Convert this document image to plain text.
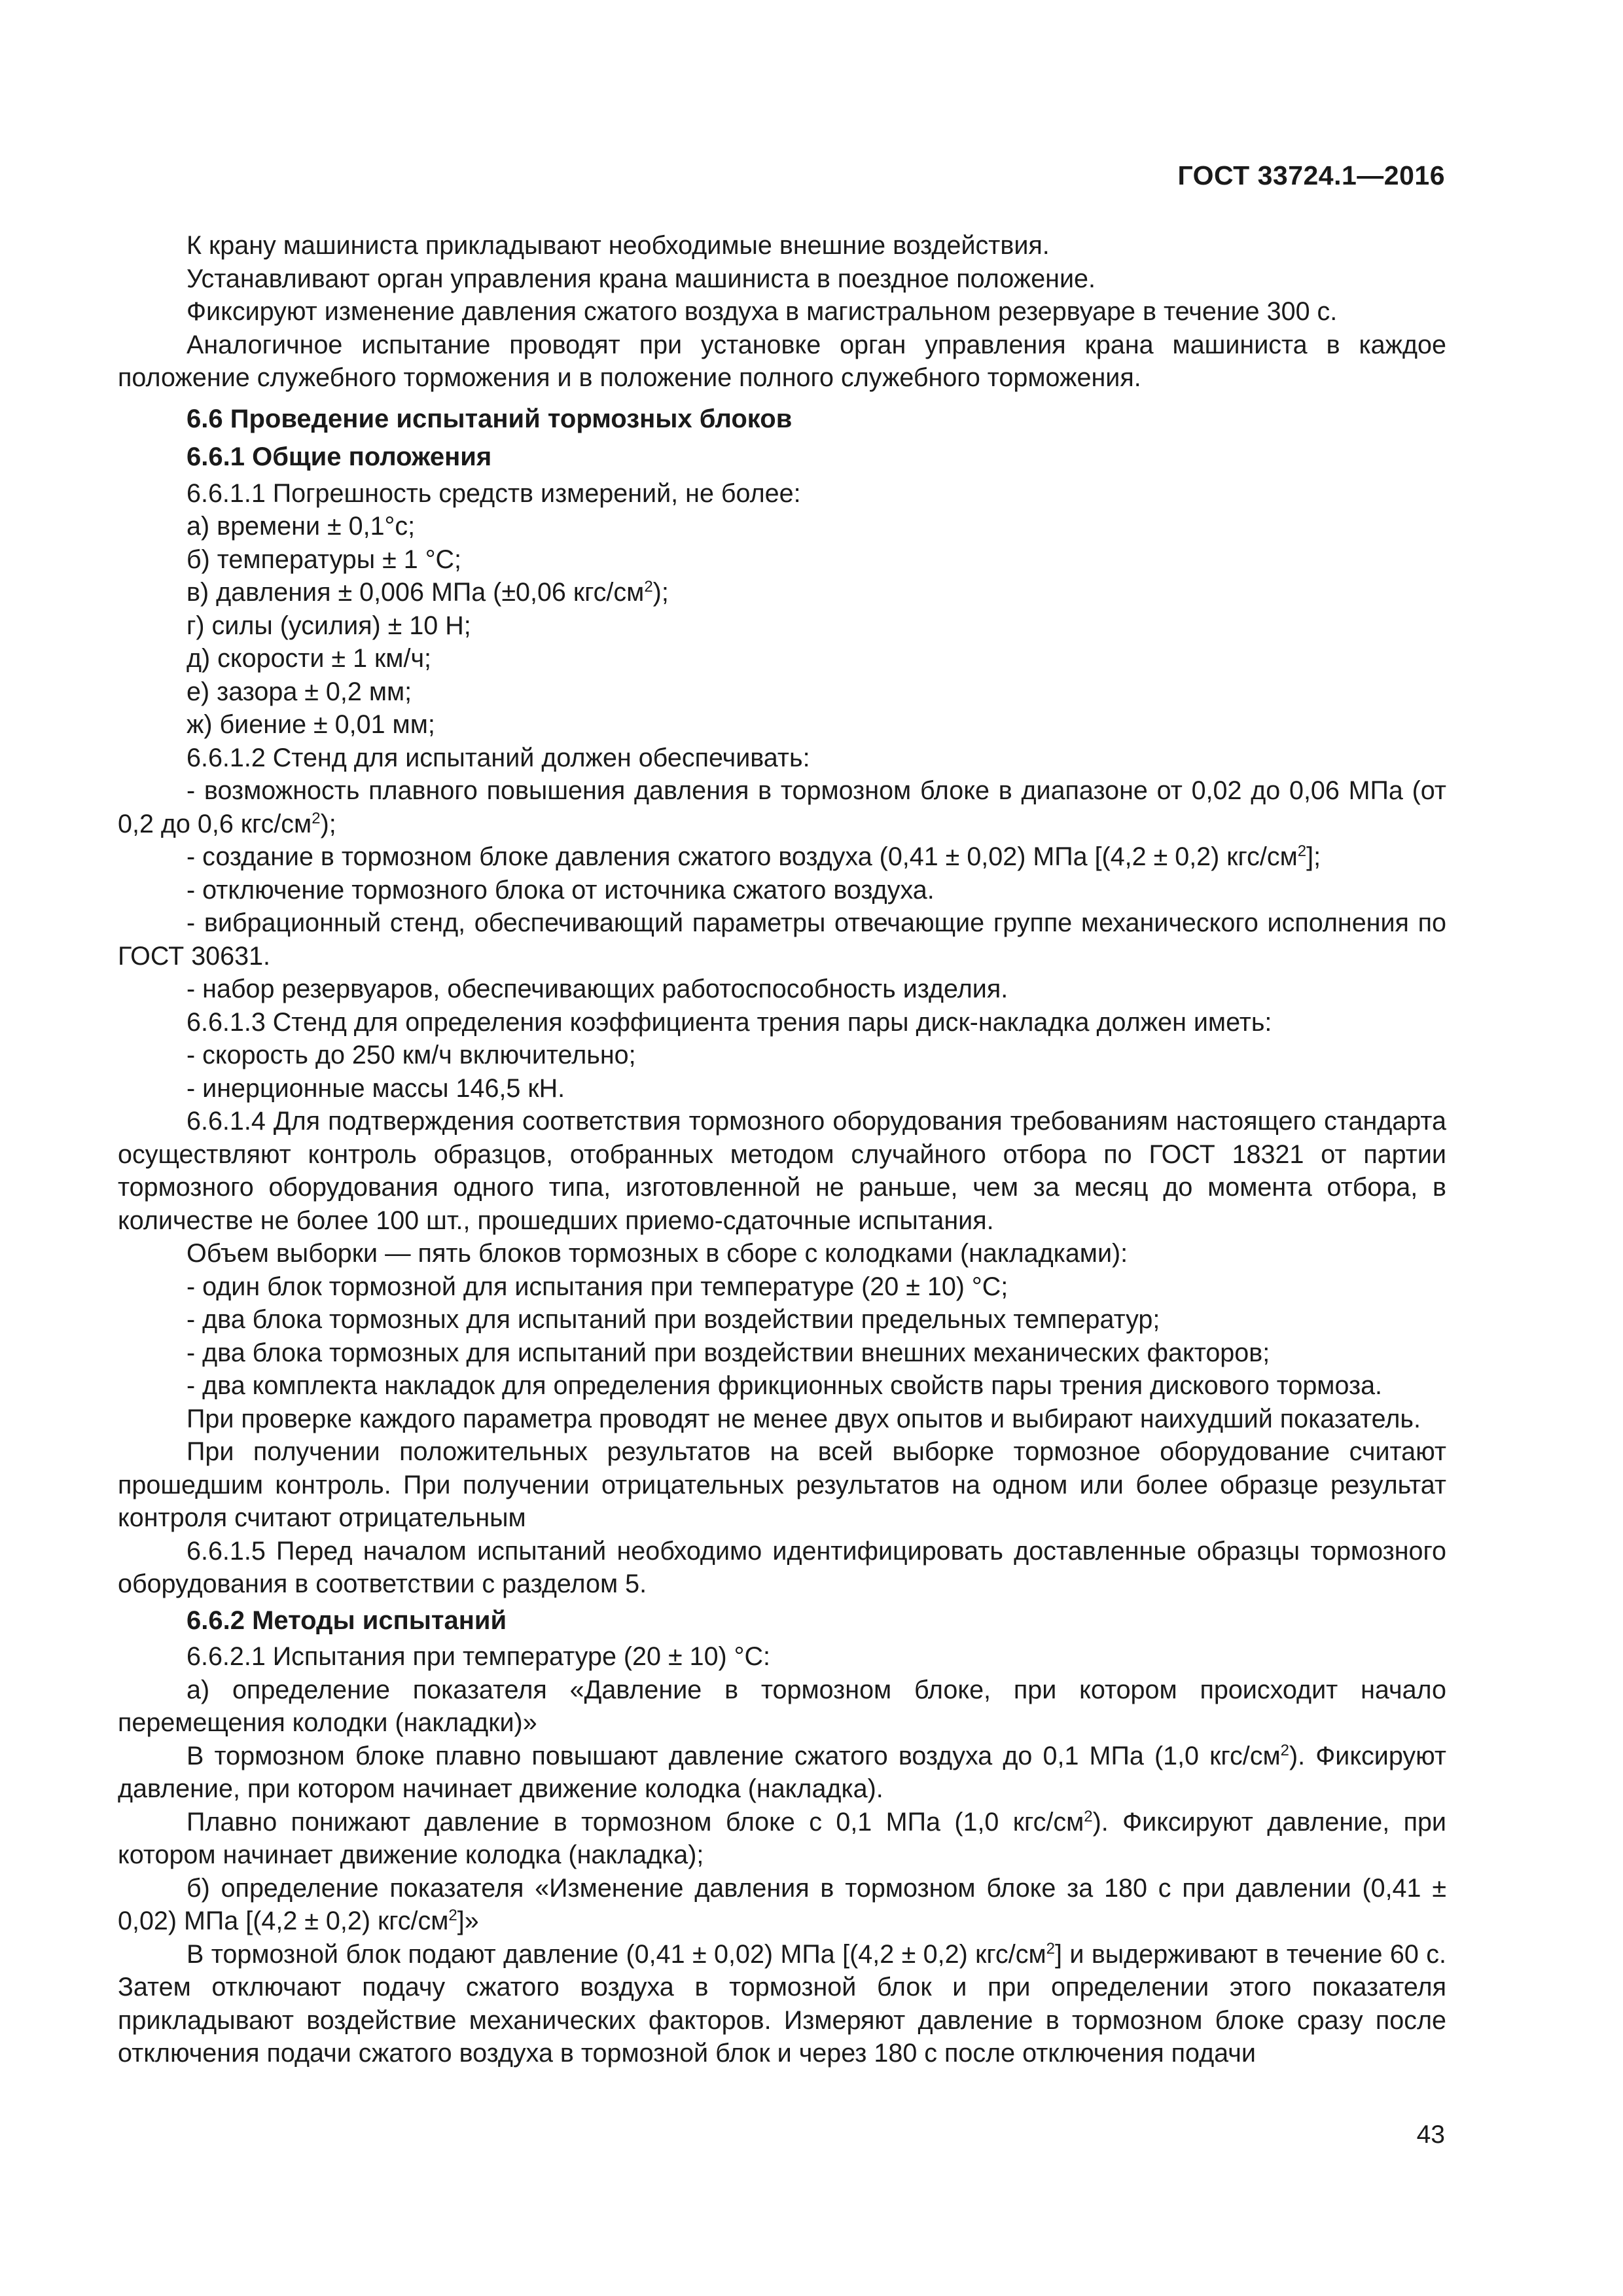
ГОСТ 33724.1—2016

К крану машиниста прикладывают необходимые внешние воздействия.

Устанавливают орган управления крана машиниста в поездное положение.

Фиксируют изменение давления сжатого воздуха в магистральном резервуаре в течение 300 с.

Аналогичное испытание проводят при установке орган управления крана машиниста в каждое положение служебного торможения и в положение полного служебного торможения.

6.6 Проведение испытаний тормозных блоков
6.6.1 Общие положения

6.6.1.1 Погрешность средств измерений, не более:

а) времени ± 0,1°с;

б) температуры ± 1 °С;

в) давления ± 0,006 МПа (±0,06 кгс/$см^2$);

г) силы (усилия) ± 10 Н;

д) скорости ± 1 км/ч;

е) зазора ± 0,2 мм;

ж) биение ± 0,01 мм;

6.6.1.2 Стенд для испытаний должен обеспечивать:

- возможность плавного повышения давления в тормозном блоке в диапазоне от 0,02 до 0,06 МПа (от 0,2 до 0,6 кгс/$см^2$);

- создание в тормозном блоке давления сжатого воздуха (0,41 ± 0,02) МПа [(4,2 ± 0,2) кгс/$см^2$];

- отключение тормозного блока от источника сжатого воздуха.

- вибрационный стенд, обеспечивающий параметры отвечающие группе механического исполнения по ГОСТ 30631.

- набор резервуаров, обеспечивающих работоспособность изделия.

6.6.1.3 Стенд для определения коэффициента трения пары диск-накладка должен иметь:

- скорость до 250 км/ч включительно;

- инерционные массы 146,5 кН.

6.6.1.4 Для подтверждения соответствия тормозного оборудования требованиям настоящего стандарта осуществляют контроль образцов, отобранных методом случайного отбора по ГОСТ 18321 от партии тормозного оборудования одного типа, изготовленной не раньше, чем за месяц до момента отбора, в количестве не более 100 шт., прошедших приемо-сдаточные испытания.

Объем выборки — пять блоков тормозных в сборе с колодками (накладками):

- один блок тормозной для испытания при температуре (20 ± 10) °С;

- два блока тормозных для испытаний при воздействии предельных температур;

- два блока тормозных для испытаний при воздействии внешних механических факторов;

- два комплекта накладок для определения фрикционных свойств пары трения дискового тормоза.

При проверке каждого параметра проводят не менее двух опытов и выбирают наихудший показатель.

При получении положительных результатов на всей выборке тормозное оборудование считают прошедшим контроль. При получении отрицательных результатов на одном или более образце результат контроля считают отрицательным

6.6.1.5 Перед началом испытаний необходимо идентифицировать доставленные образцы тормозного оборудования в соответствии с разделом 5.

6.6.2 Методы испытаний

6.6.2.1 Испытания при температуре (20 ± 10) °С:

а) определение показателя «Давление в тормозном блоке, при котором происходит начало перемещения колодки (накладки)»

В тормозном блоке плавно повышают давление сжатого воздуха до 0,1 МПа (1,0 кгс/$см^2$). Фиксируют давление, при котором начинает движение колодка (накладка).

Плавно понижают давление в тормозном блоке с 0,1 МПа (1,0 кгс/$см^2$). Фиксируют давление, при котором начинает движение колодка (накладка);

б) определение показателя «Изменение давления в тормозном блоке за 180 с при давлении (0,41 ± 0,02) МПа [(4,2 ± 0,2) кгс/$см^2$]»

В тормозной блок подают давление (0,41 ± 0,02) МПа [(4,2 ± 0,2) кгс/$см^2$] и выдерживают в течение 60 с. Затем отключают подачу сжатого воздуха в тормозной блок и при определении этого показателя прикладывают воздействие механических факторов. Измеряют давление в тормозном блоке сразу после отключения подачи сжатого воздуха в тормозной блок и через 180 с после отключения подачи

43
